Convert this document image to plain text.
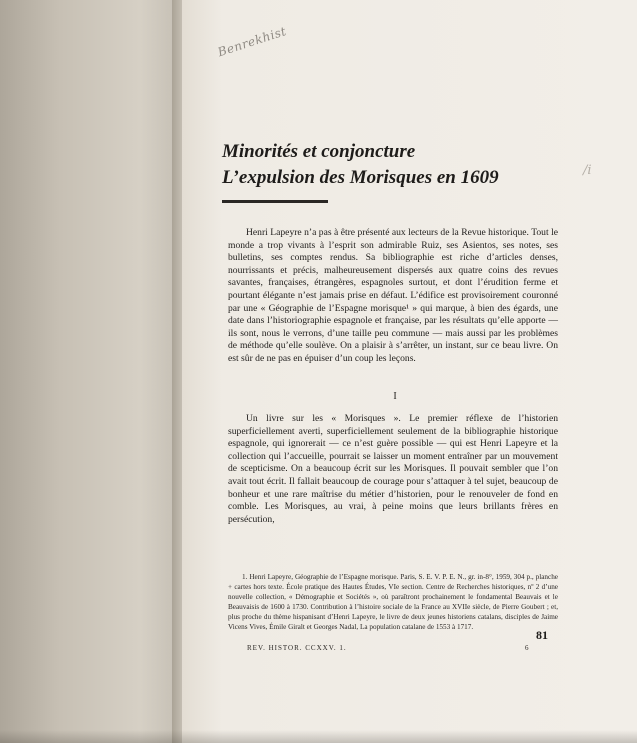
Benrekhist
/i
Minorités et conjoncture
L’expulsion des Morisques en 1609
Henri Lapeyre n’a pas à être présenté aux lecteurs de la Revue historique. Tout le monde a trop vivants à l’esprit son admirable Ruiz, ses Asientos, ses notes, ses bulletins, ses comptes rendus. Sa bibliographie est riche d’articles denses, nourrissants et précis, malheureusement dispersés aux quatre coins des revues savantes, françaises, étrangères, espagnoles surtout, et dont l’érudition ferme et pourtant élégante n’est jamais prise en défaut. L’édifice est provisoirement couronné par une « Géographie de l’Espagne morisque¹ » qui marque, à bien des égards, une date dans l’historiographie espagnole et française, par les résultats qu’elle apporte — ils sont, nous le verrons, d’une taille peu commune — mais aussi par les problèmes de méthode qu’elle soulève. On a plaisir à s’arrêter, un instant, sur ce beau livre. On est sûr de ne pas en épuiser d’un coup les leçons.
I
Un livre sur les « Morisques ». Le premier réflexe de l’historien superficiellement averti, superficiellement seulement de la bibliographie historique espagnole, qui ignorerait — ce n’est guère possible — qui est Henri Lapeyre et la collection qui l’accueille, pourrait se laisser un moment entraîner par un mouvement de scepticisme. On a beaucoup écrit sur les Morisques. Il pouvait sembler que l’on avait tout écrit. Il fallait beaucoup de courage pour s’attaquer à tel sujet, beaucoup de bonheur et une rare maîtrise du métier d’historien, pour le renouveler de fond en comble. Les Morisques, au vrai, à peine moins que leurs brillants frères en persécution,
1. Henri Lapeyre, Géographie de l’Espagne morisque. Paris, S. E. V. P. E. N., gr. in-8°, 1959, 304 p., planche + cartes hors texte. École pratique des Hautes Études, VIe section. Centre de Recherches historiques, nº 2 d’une nouvelle collection, « Démographie et Sociétés », où paraîtront prochainement le fondamental Beauvais et le Beauvaisis de 1600 à 1730. Contribution à l’histoire sociale de la France au XVIIe siècle, de Pierre Goubert ; et, plus proche du thème hispanisant d’Henri Lapeyre, le livre de deux jeunes historiens catalans, disciples de Jaime Vicens Vives, Émile Giralt et Georges Nadal, La population catalane de 1553 à 1717.
81
REV. HISTOR. CCXXV. 1.	6
